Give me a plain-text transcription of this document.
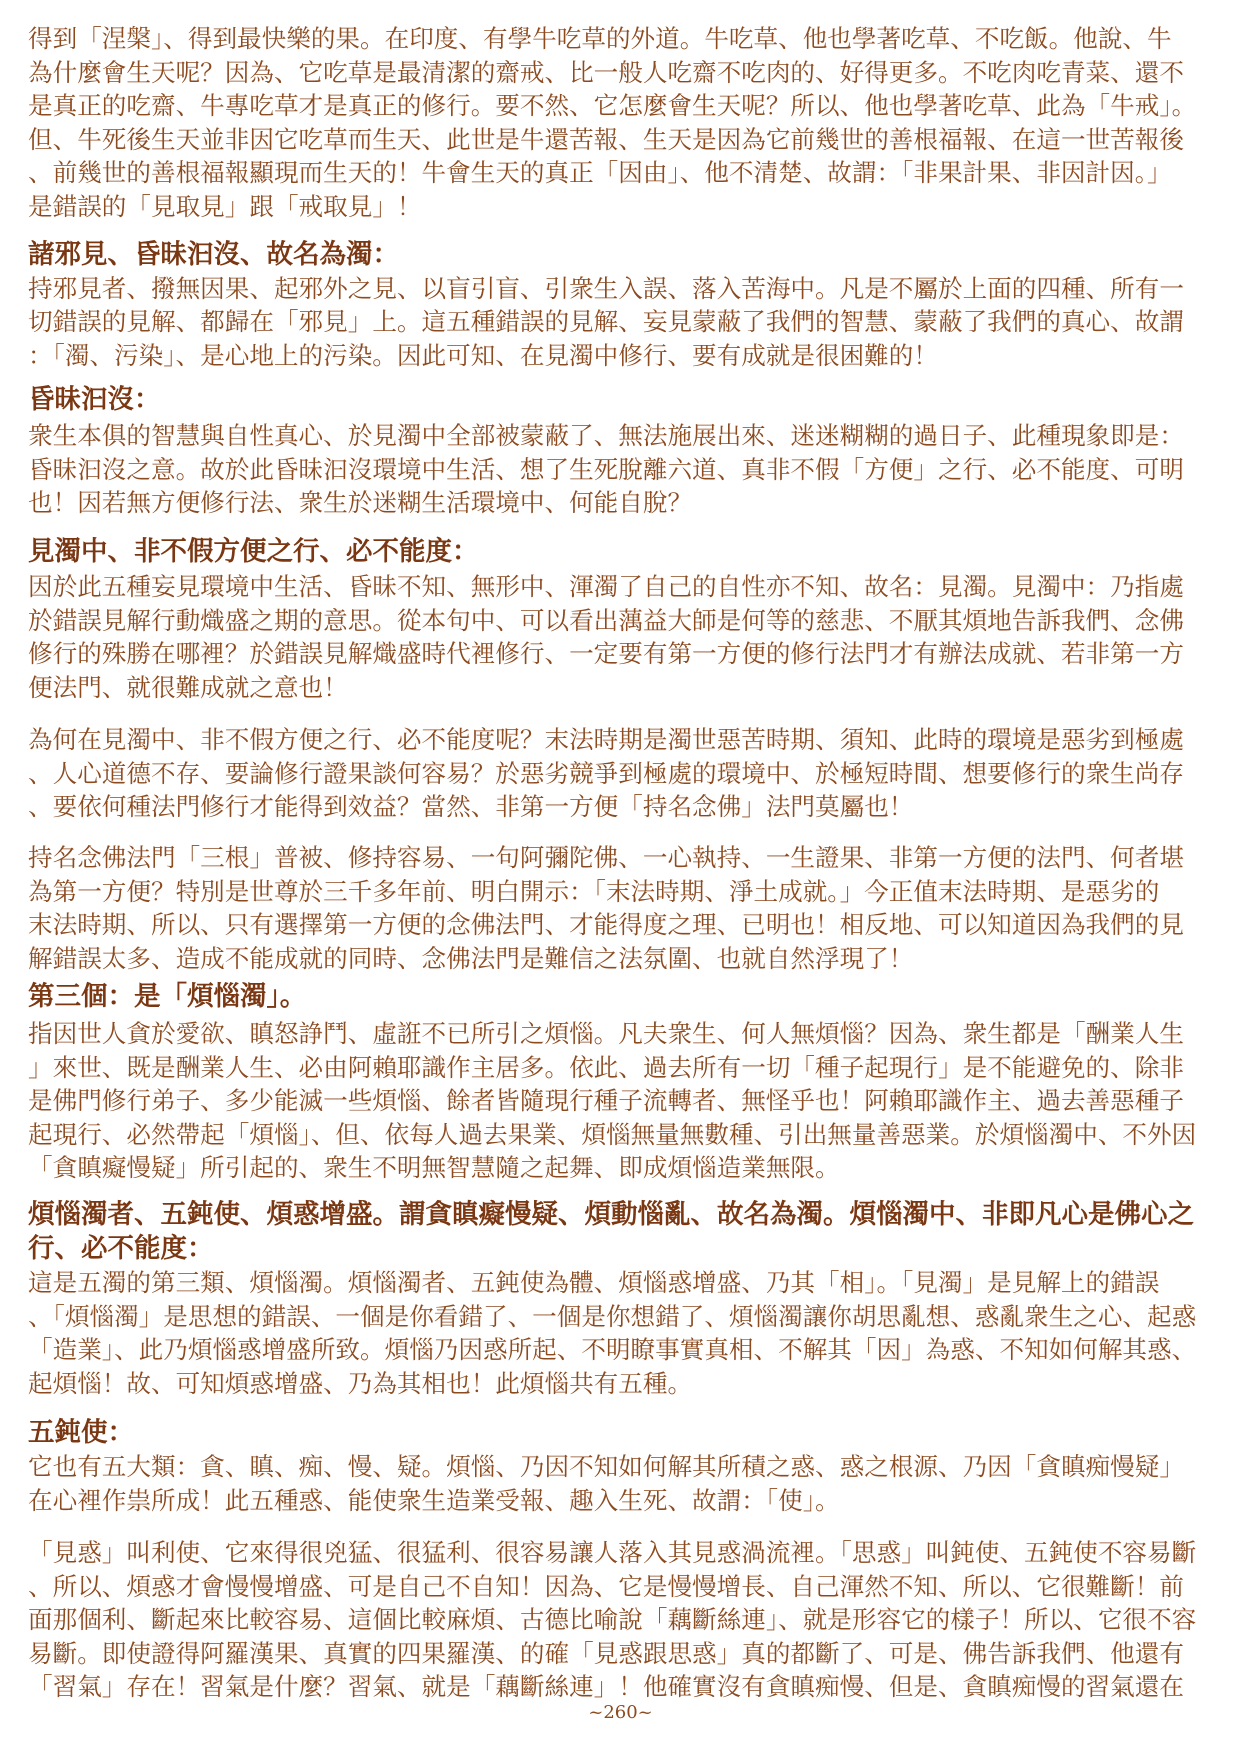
得到「涅槃」、得到最快樂的果。在印度、有學牛吃草的外道。牛吃草、他也學著吃草、不吃飯。他說、牛
為什麼會生天呢？因為、它吃草是最清潔的齋戒、比一般人吃齋不吃肉的、好得更多。不吃肉吃青菜、還不
是真正的吃齋、牛專吃草才是真正的修行。要不然、它怎麼會生天呢？所以、他也學著吃草、此為「牛戒」。
但、牛死後生天並非因它吃草而生天、此世是牛還苦報、生天是因為它前幾世的善根福報、在這一世苦報後
、前幾世的善根福報顯現而生天的！牛會生天的真正「因由」、他不清楚、故謂：「非果計果、非因計因。」
是錯誤的「見取見」跟「戒取見」！
諸邪見、昏昧汩沒、故名為濁：
持邪見者、撥無因果、起邪外之見、以盲引盲、引衆生入誤、落入苦海中。凡是不屬於上面的四種、所有一
切錯誤的見解、都歸在「邪見」上。這五種錯誤的見解、妄見蒙蔽了我們的智慧、蒙蔽了我們的真心、故謂
：「濁、污染」、是心地上的污染。因此可知、在見濁中修行、要有成就是很困難的！
昏昧汩沒：
衆生本俱的智慧與自性真心、於見濁中全部被蒙蔽了、無法施展出來、迷迷糊糊的過日子、此種現象即是：
昏昧汩沒之意。故於此昏昧汩沒環境中生活、想了生死脫離六道、真非不假「方便」之行、必不能度、可明
也！因若無方便修行法、衆生於迷糊生活環境中、何能自脫？
見濁中、非不假方便之行、必不能度：
因於此五種妄見環境中生活、昏昧不知、無形中、渾濁了自己的自性亦不知、故名：見濁。見濁中：乃指處
於錯誤見解行動熾盛之期的意思。從本句中、可以看出蕅益大師是何等的慈悲、不厭其煩地告訴我們、念佛
修行的殊勝在哪裡？於錯誤見解熾盛時代裡修行、一定要有第一方便的修行法門才有辦法成就、若非第一方
便法門、就很難成就之意也！
為何在見濁中、非不假方便之行、必不能度呢？末法時期是濁世惡苦時期、須知、此時的環境是惡劣到極處
、人心道德不存、要論修行證果談何容易？於惡劣競爭到極處的環境中、於極短時間、想要修行的衆生尚存
、要依何種法門修行才能得到效益？當然、非第一方便「持名念佛」法門莫屬也！
持名念佛法門「三根」普被、修持容易、一句阿彌陀佛、一心執持、一生證果、非第一方便的法門、何者堪
為第一方便？特別是世尊於三千多年前、明白開示：「末法時期、淨土成就。」今正值末法時期、是惡劣的
末法時期、所以、只有選擇第一方便的念佛法門、才能得度之理、已明也！相反地、可以知道因為我們的見
解錯誤太多、造成不能成就的同時、念佛法門是難信之法氛圍、也就自然浮現了！
第三個：是「煩惱濁」。
指因世人貪於愛欲、瞋怒諍鬥、虛誑不已所引之煩惱。凡夫衆生、何人無煩惱？因為、衆生都是「酬業人生
」來世、既是酬業人生、必由阿賴耶識作主居多。依此、過去所有一切「種子起現行」是不能避免的、除非
是佛門修行弟子、多少能滅一些煩惱、餘者皆隨現行種子流轉者、無怪乎也！阿賴耶識作主、過去善惡種子
起現行、必然帶起「煩惱」、但、依每人過去果業、煩惱無量無數種、引出無量善惡業。於煩惱濁中、不外因
「貪瞋癡慢疑」所引起的、衆生不明無智慧隨之起舞、即成煩惱造業無限。
煩惱濁者、五鈍使、煩惑增盛。謂貪瞋癡慢疑、煩動惱亂、故名為濁。煩惱濁中、非即凡心是佛心之
行、必不能度：
這是五濁的第三類、煩惱濁。煩惱濁者、五鈍使為體、煩惱惑增盛、乃其「相」。「見濁」是見解上的錯誤
、「煩惱濁」是思想的錯誤、一個是你看錯了、一個是你想錯了、煩惱濁讓你胡思亂想、惑亂衆生之心、起惑
「造業」、此乃煩惱惑增盛所致。煩惱乃因惑所起、不明瞭事實真相、不解其「因」為惑、不知如何解其惑、
起煩惱！故、可知煩惑增盛、乃為其相也！此煩惱共有五種。
五鈍使：
它也有五大類：貪、瞋、痴、慢、疑。煩惱、乃因不知如何解其所積之惑、惑之根源、乃因「貪瞋痴慢疑」
在心裡作祟所成！此五種惑、能使衆生造業受報、趣入生死、故謂：「使」。
「見惑」叫利使、它來得很兇猛、很猛利、很容易讓人落入其見惑渦流裡。「思惑」叫鈍使、五鈍使不容易斷
、所以、煩惑才會慢慢增盛、可是自己不自知！因為、它是慢慢增長、自己渾然不知、所以、它很難斷！前
面那個利、斷起來比較容易、這個比較麻煩、古德比喻說「藕斷絲連」、就是形容它的樣子！所以、它很不容
易斷。即使證得阿羅漢果、真實的四果羅漢、的確「見惑跟思惑」真的都斷了、可是、佛告訴我們、他還有
「習氣」存在！習氣是什麼？習氣、就是「藕斷絲連」！他確實沒有貪瞋痴慢、但是、貪瞋痴慢的習氣還在
~260~
